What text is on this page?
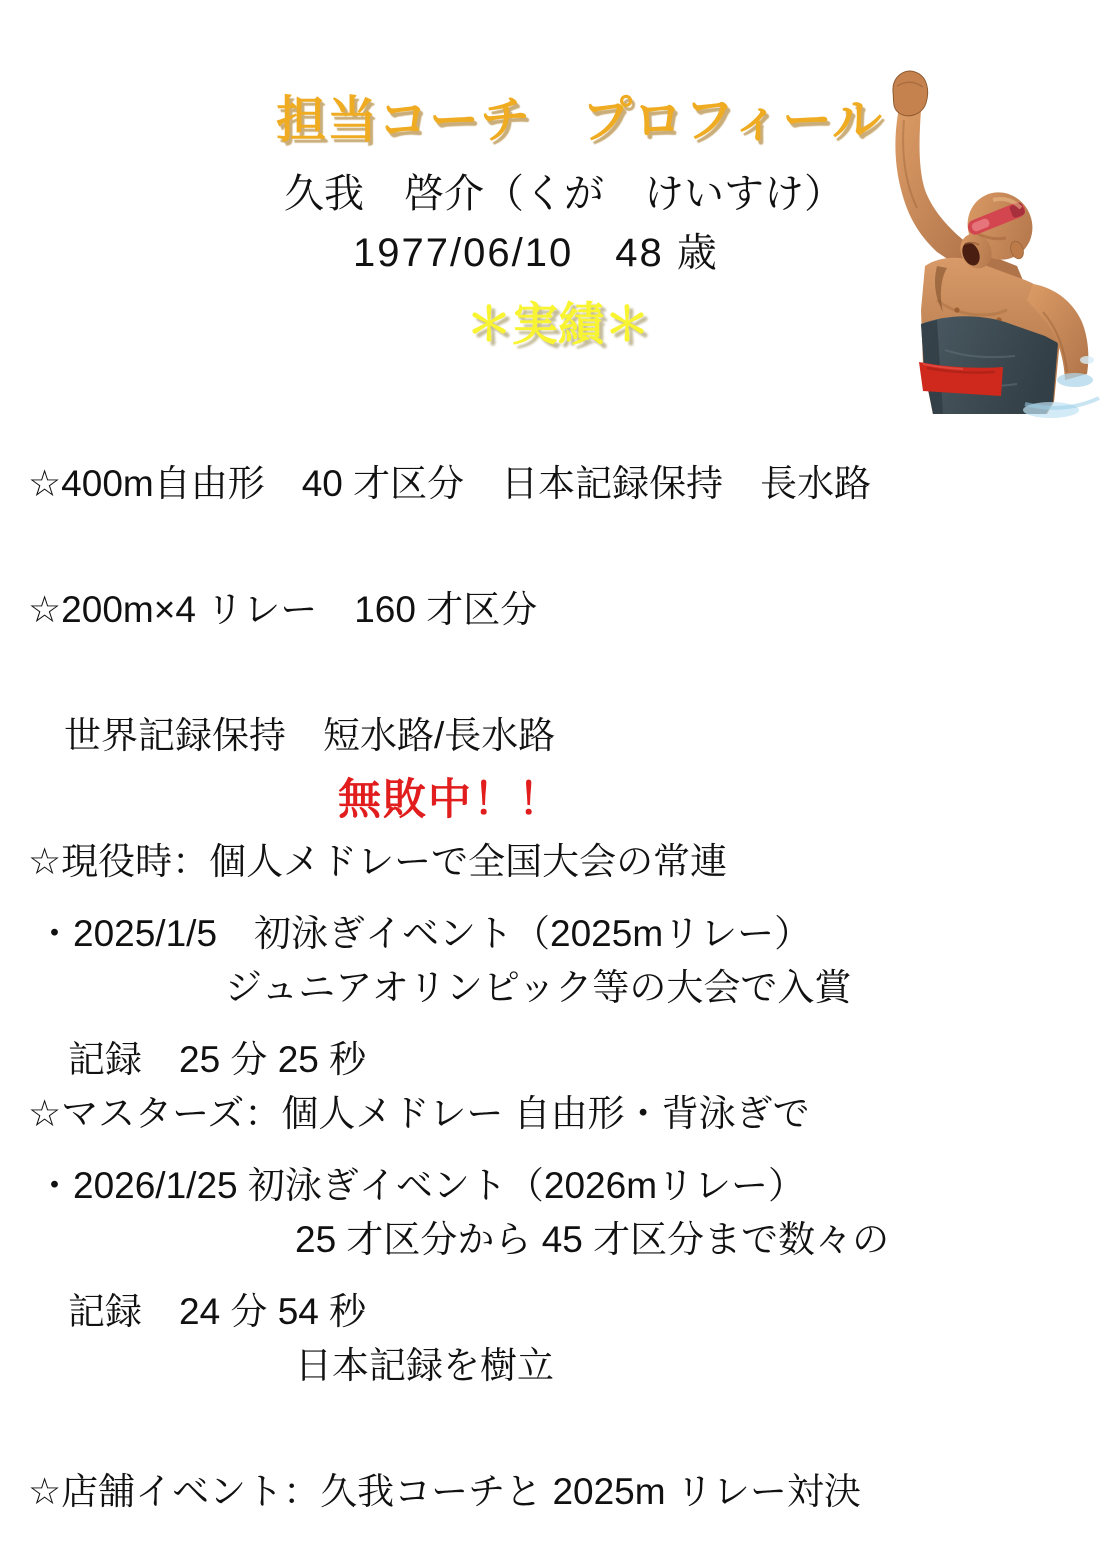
担当コーチ　プロフィール
久我　啓介（くが　けいすけ）
1977/06/10　48 歳
＊実績＊

☆400m自由形　40 才区分　日本記録保持　長水路

☆200m×4 リレー　160 才区分

世界記録保持　短水路/長水路

☆現役時：個人メドレーで全国大会の常連

ジュニアオリンピック等の大会で入賞

☆マスターズ：個人メドレー 自由形・背泳ぎで

25 才区分から 45 才区分まで数々の

日本記録を樹立

☆店舗イベント：久我コーチと 2025m リレー対決

無敗中！！

・2025/1/5　初泳ぎイベント（2025mリレー）

記録　25 分 25 秒

・2026/1/25 初泳ぎイベント（2026mリレー）

記録　24 分 54 秒
